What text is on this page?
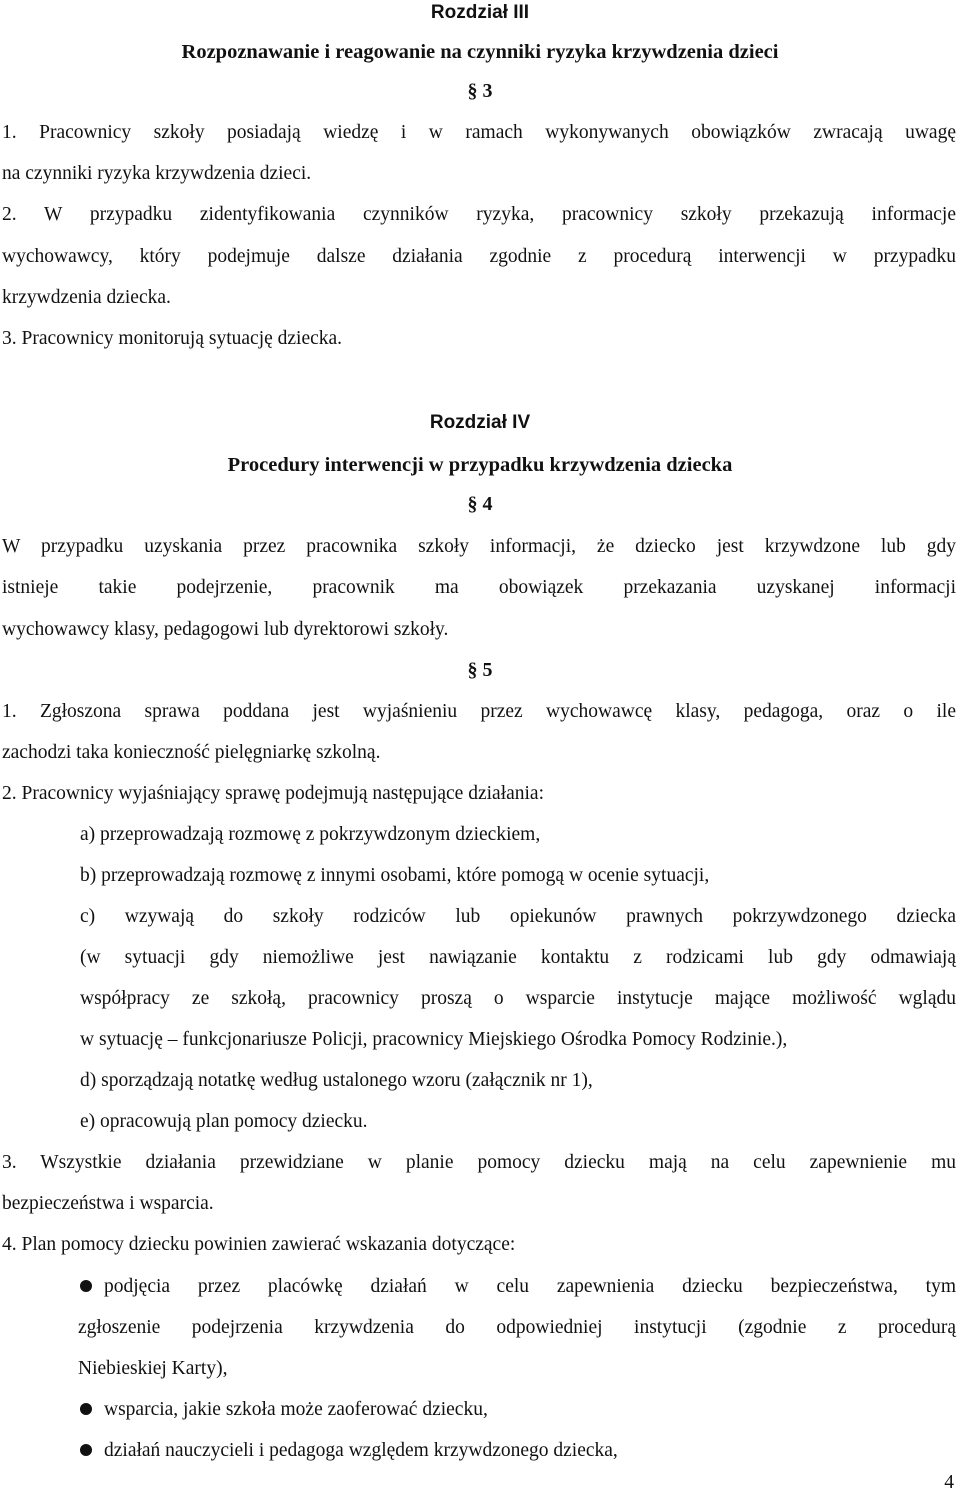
Rozdział III
Rozpoznawanie i reagowanie na czynniki ryzyka krzywdzenia dzieci
§ 3
1. Pracownicy szkoły posiadają wiedzę i w ramach wykonywanych obowiązków zwracają uwagę
na czynniki ryzyka krzywdzenia dzieci.
2. W przypadku zidentyfikowania czynników ryzyka, pracownicy szkoły przekazują informacje
wychowawcy, który podejmuje dalsze działania zgodnie z procedurą interwencji w przypadku
krzywdzenia dziecka.
3. Pracownicy monitorują sytuację dziecka.
Rozdział IV
Procedury interwencji w przypadku krzywdzenia dziecka
§ 4
W przypadku uzyskania przez pracownika szkoły informacji, że dziecko jest krzywdzone lub gdy
istnieje takie podejrzenie, pracownik ma obowiązek przekazania uzyskanej informacji
wychowawcy klasy, pedagogowi lub dyrektorowi szkoły.
§ 5
1. Zgłoszona sprawa poddana jest wyjaśnieniu przez wychowawcę klasy, pedagoga, oraz o ile
zachodzi taka konieczność pielęgniarkę szkolną.
2. Pracownicy wyjaśniający sprawę podejmują następujące działania:
a) przeprowadzają rozmowę z pokrzywdzonym dzieckiem,
b) przeprowadzają rozmowę z innymi osobami, które pomogą w ocenie sytuacji,
c) wzywają do szkoły rodziców lub opiekunów prawnych pokrzywdzonego dziecka
(w sytuacji gdy niemożliwe jest nawiązanie kontaktu z rodzicami lub gdy odmawiają
współpracy ze szkołą, pracownicy proszą o wsparcie instytucje mające możliwość wglądu
w sytuację – funkcjonariusze Policji, pracownicy Miejskiego Ośrodka Pomocy Rodzinie.),
d) sporządzają notatkę według ustalonego wzoru (załącznik nr 1),
e) opracowują plan pomocy dziecku.
3. Wszystkie działania przewidziane w planie pomocy dziecku mają na celu zapewnienie mu
bezpieczeństwa i wsparcia.
4. Plan pomocy dziecku powinien zawierać wskazania dotyczące:
podjęcia przez placówkę działań w celu zapewnienia dziecku bezpieczeństwa, tym
zgłoszenie podejrzenia krzywdzenia do odpowiedniej instytucji (zgodnie z procedurą
Niebieskiej Karty),
wsparcia, jakie szkoła może zaoferować dziecku,
działań nauczycieli i pedagoga względem krzywdzonego dziecka,
4
